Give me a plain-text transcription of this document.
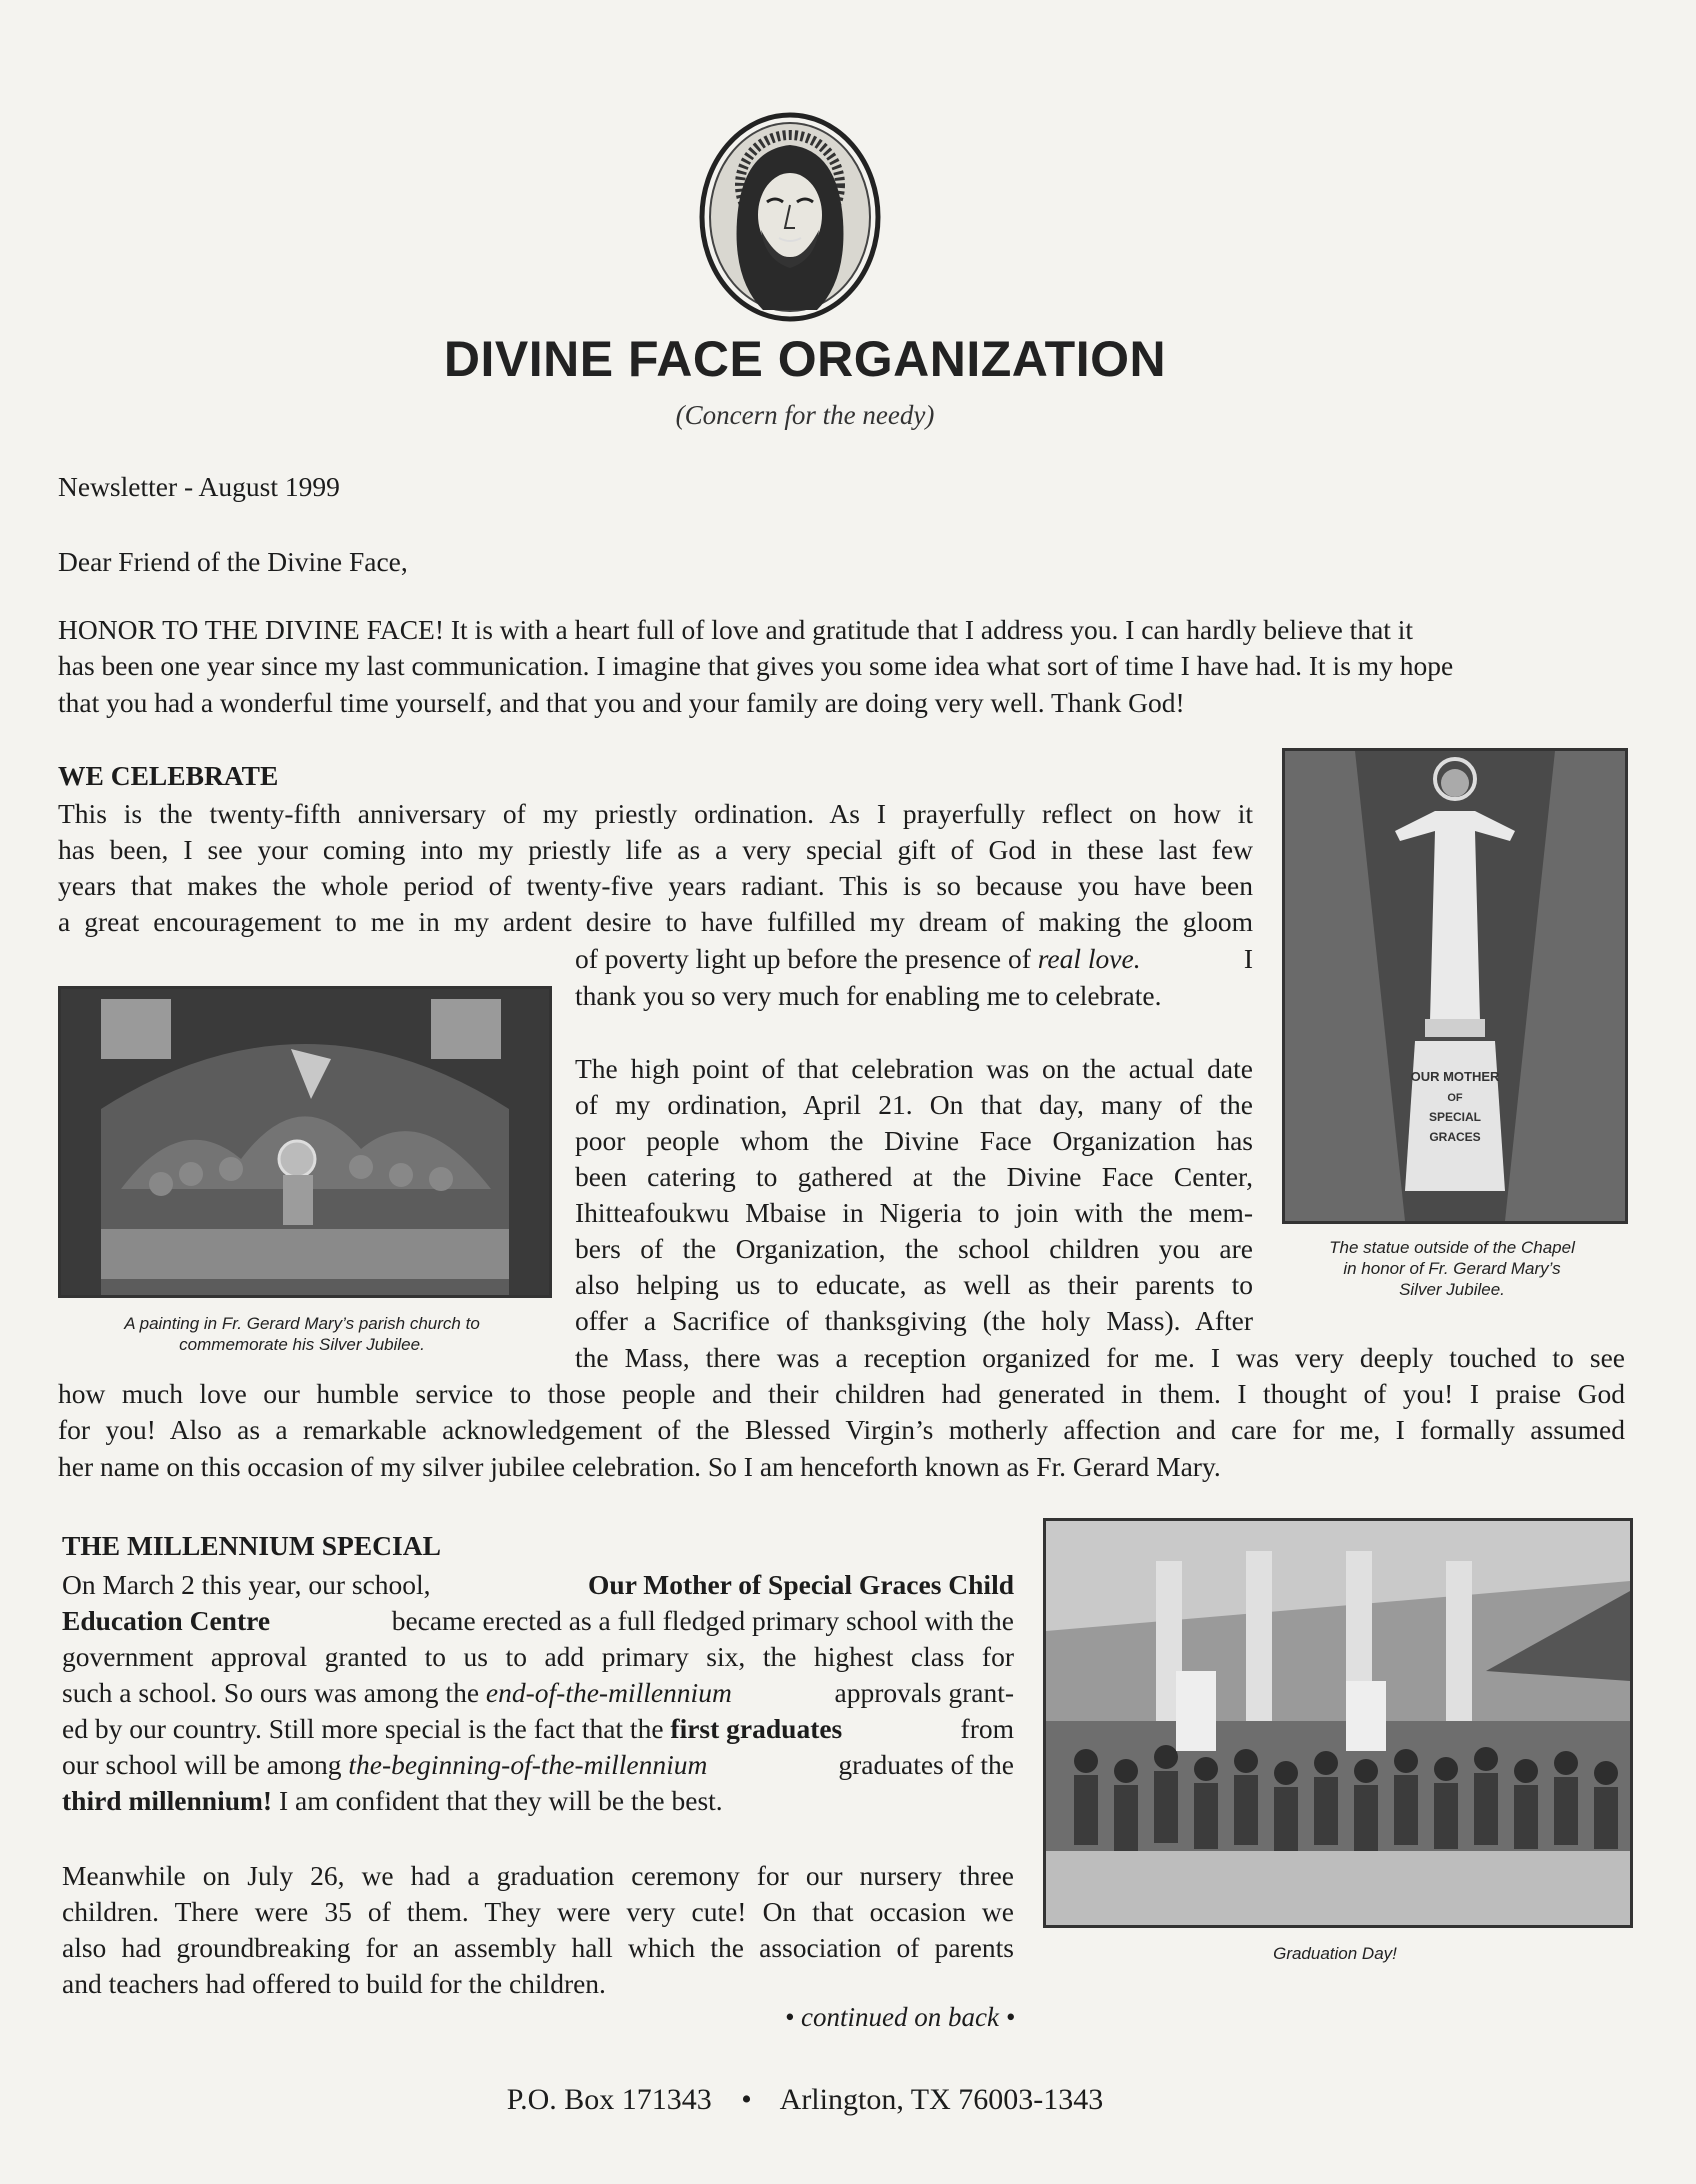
DIVINE FACE ORGANIZATION
(Concern for the needy)
Newsletter - August 1999
Dear Friend of the Divine Face,
HONOR TO THE DIVINE FACE! It is with a heart full of love and gratitude that I address you. I can hardly believe that it
has been one year since my last communication. I imagine that gives you some idea what sort of time I have had. It is my hope
that you had a wonderful time yourself, and that you and your family are doing very well. Thank God!
WE CELEBRATE
This is the twenty-fifth anniversary of my priestly ordination. As I prayerfully reflect on how it
has been, I see your coming into my priestly life as a very special gift of God in these last few
years that makes the whole period of twenty-five years radiant. This is so because you have been
a great encouragement to me in my ardent desire to have fulfilled my dream of making the gloom
of poverty light up before the presence of real love.	I
thank you so very much for enabling me to celebrate.
The high point of that celebration was on the actual date
of my ordination, April 21. On that day, many of the
poor people whom the Divine Face Organization has
been catering to gathered at the Divine Face Center,
Ihitteafoukwu Mbaise in Nigeria to join with the mem-
bers of the Organization, the school children you are
also helping us to educate, as well as their parents to
offer a Sacrifice of thanksgiving (the holy Mass). After
the Mass, there was a reception organized for me. I was very deeply touched to see
how much love our humble service to those people and their children had generated in them. I thought of you! I praise God
for you! Also as a remarkable acknowledgement of the Blessed Virgin’s motherly affection and care for me, I formally assumed
her name on this occasion of my silver jubilee celebration. So I am henceforth known as Fr. Gerard Mary.
A painting in Fr. Gerard Mary’s parish church to
commemorate his Silver Jubilee.
OUR MOTHER
OF
SPECIAL
GRACES
The statue outside of the Chapel
in honor of Fr. Gerard Mary’s
Silver Jubilee.
THE MILLENNIUM SPECIAL
On March 2 this year, our school,	Our Mother of Special Graces Child
Education Centre	became erected as a full fledged primary school with the
government approval granted to us to add primary six, the highest class for
such a school. So ours was among the end-of-the-millennium	approvals grant-
ed by our country. Still more special is the fact that the first graduates	from
our school will be among the-beginning-of-the-millennium	graduates of the
third millennium! I am confident that they will be the best.
Meanwhile on July 26, we had a graduation ceremony for our nursery three
children. There were 35 of them. They were very cute! On that occasion we
also had groundbreaking for an assembly hall which the association of parents
and teachers had offered to build for the children.
Graduation Day!
• continued on back •
P.O. Box 171343 • Arlington, TX 76003-1343
